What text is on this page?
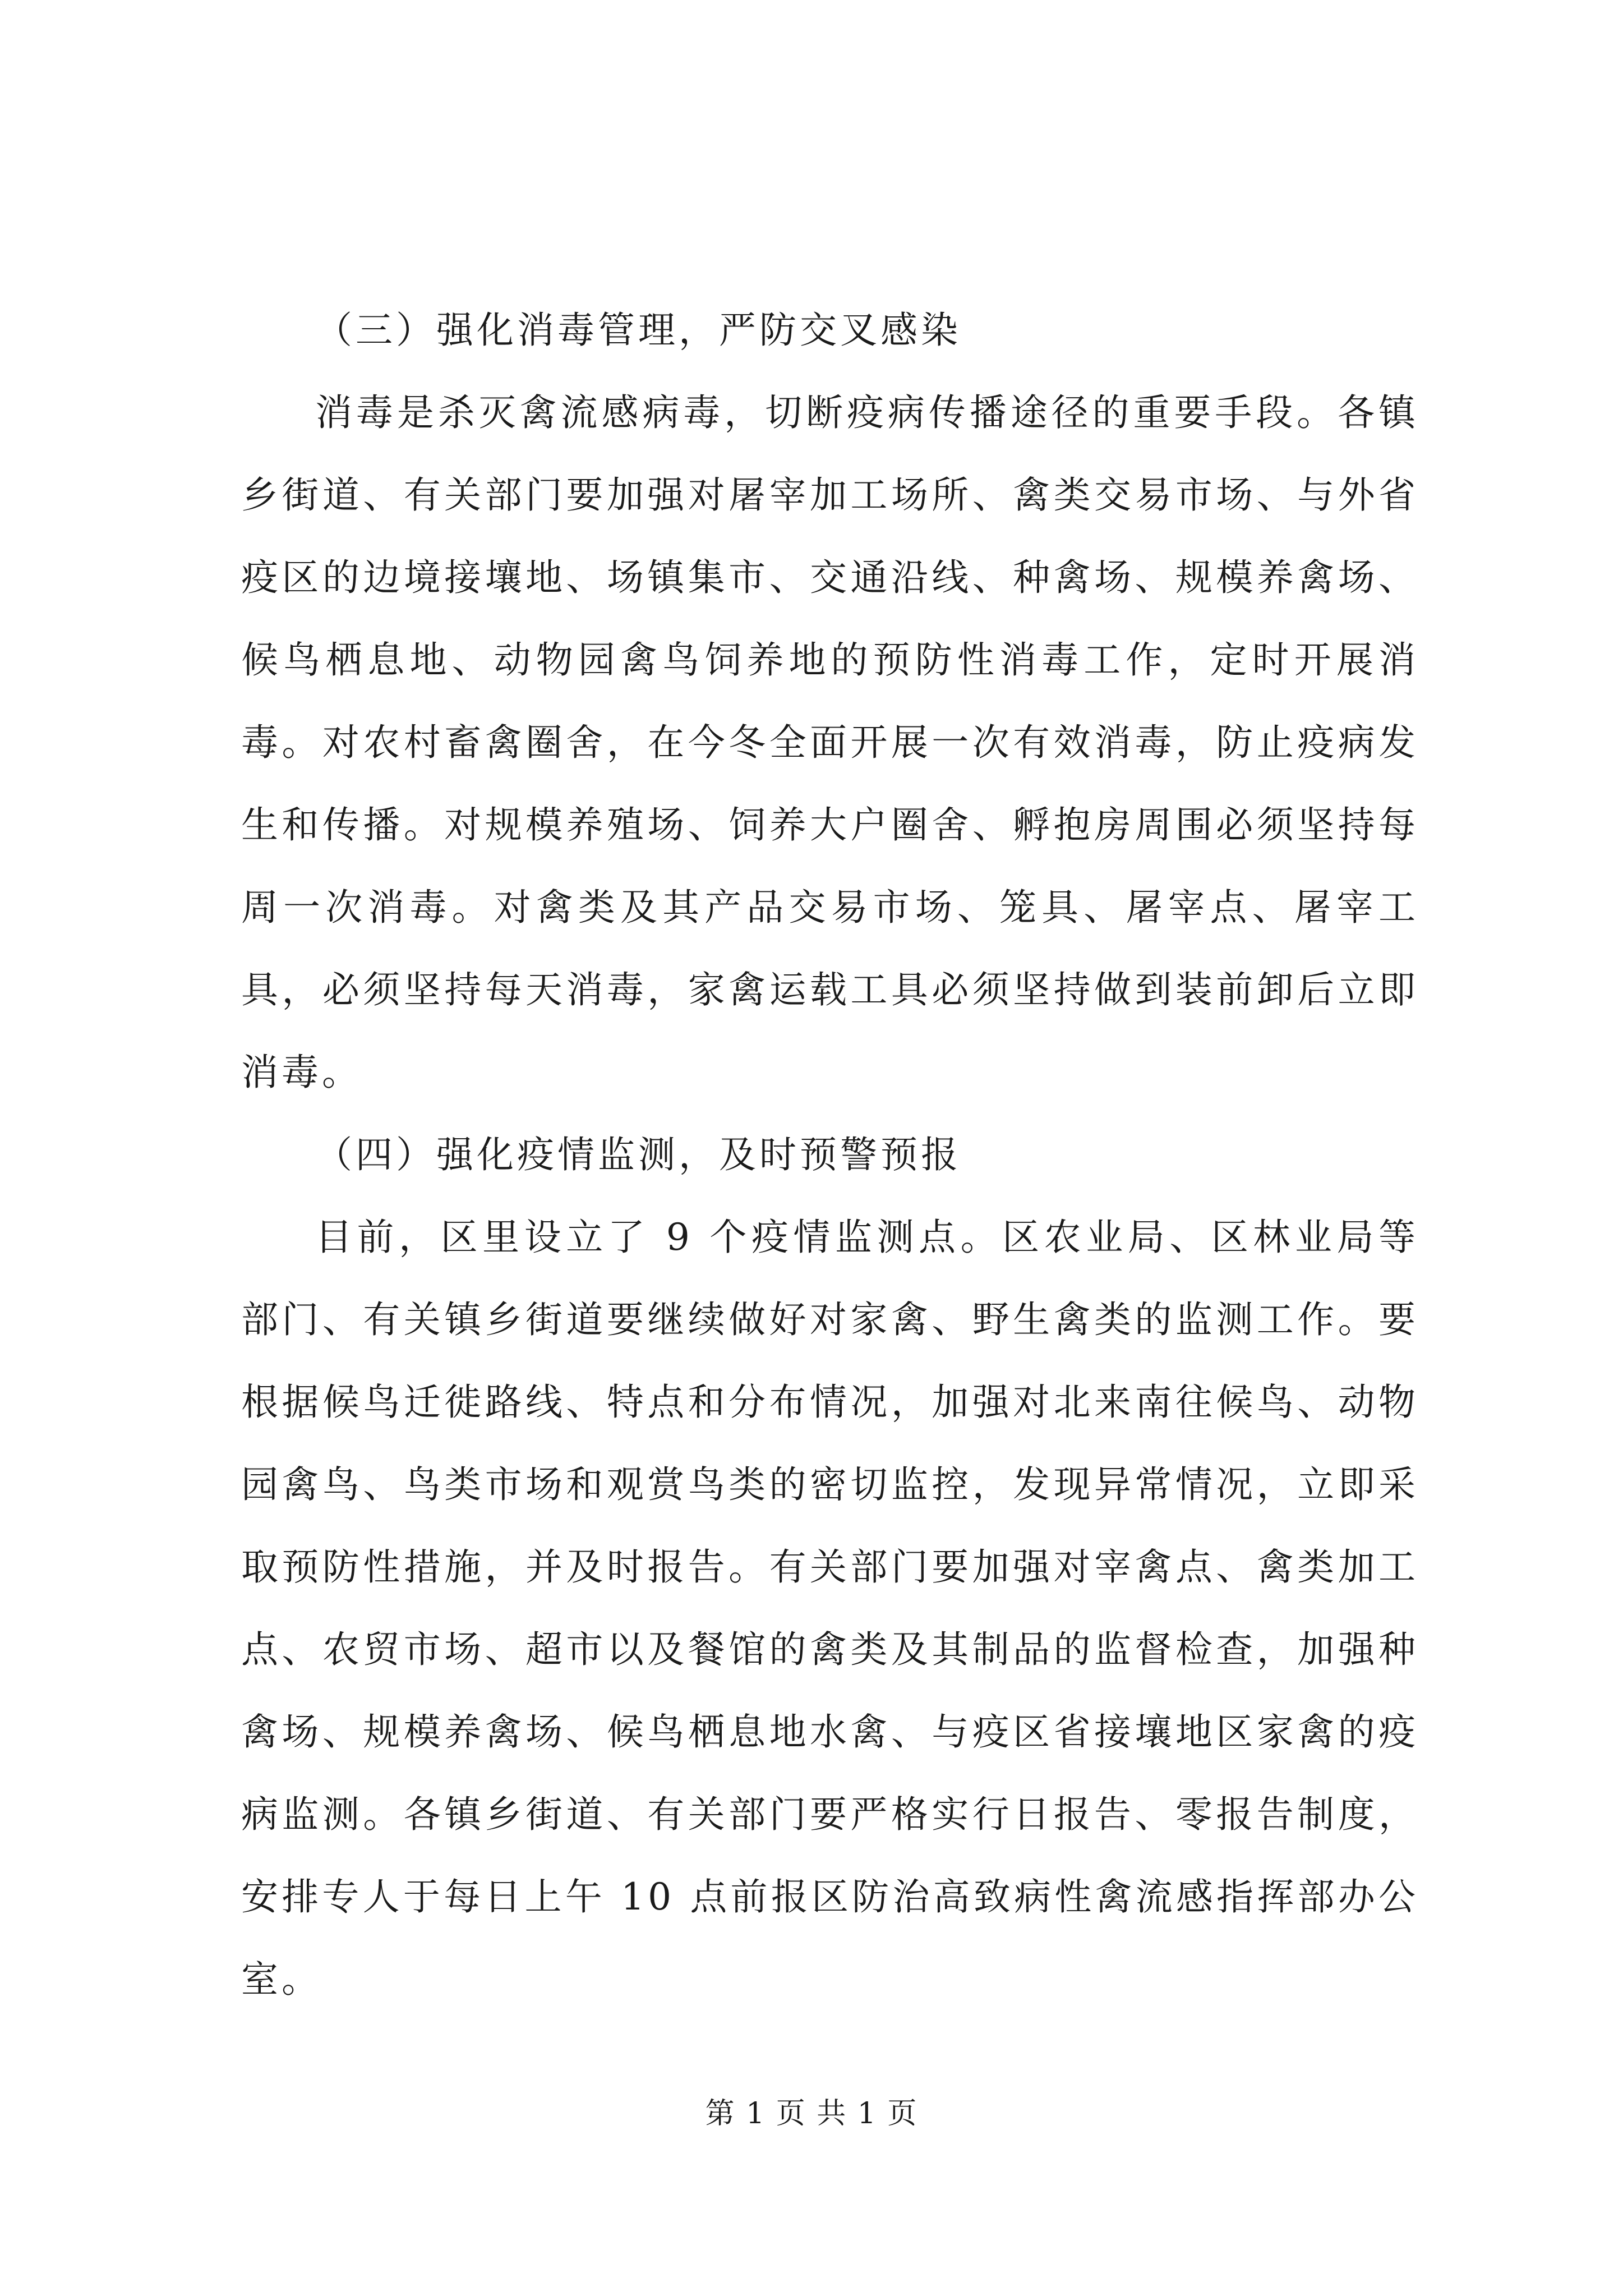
（三）强化消毒管理，严防交叉感染

消毒是杀灭禽流感病毒，切断疫病传播途径的重要手段。各镇乡街道、有关部门要加强对屠宰加工场所、禽类交易市场、与外省疫区的边境接壤地、场镇集市、交通沿线、种禽场、规模养禽场、候鸟栖息地、动物园禽鸟饲养地的预防性消毒工作，定时开展消毒。对农村畜禽圈舍，在今冬全面开展一次有效消毒，防止疫病发生和传播。对规模养殖场、饲养大户圈舍、孵抱房周围必须坚持每周一次消毒。对禽类及其产品交易市场、笼具、屠宰点、屠宰工具，必须坚持每天消毒，家禽运载工具必须坚持做到装前卸后立即消毒。

（四）强化疫情监测，及时预警预报

目前，区里设立了 9 个疫情监测点。区农业局、区林业局等部门、有关镇乡街道要继续做好对家禽、野生禽类的监测工作。要根据候鸟迁徙路线、特点和分布情况，加强对北来南往候鸟、动物园禽鸟、鸟类市场和观赏鸟类的密切监控，发现异常情况，立即采取预防性措施，并及时报告。有关部门要加强对宰禽点、禽类加工点、农贸市场、超市以及餐馆的禽类及其制品的监督检查，加强种禽场、规模养禽场、候鸟栖息地水禽、与疫区省接壤地区家禽的疫病监测。各镇乡街道、有关部门要严格实行日报告、零报告制度，安排专人于每日上午 10 点前报区防治高致病性禽流感指挥部办公室。

第 1 页 共 1 页
